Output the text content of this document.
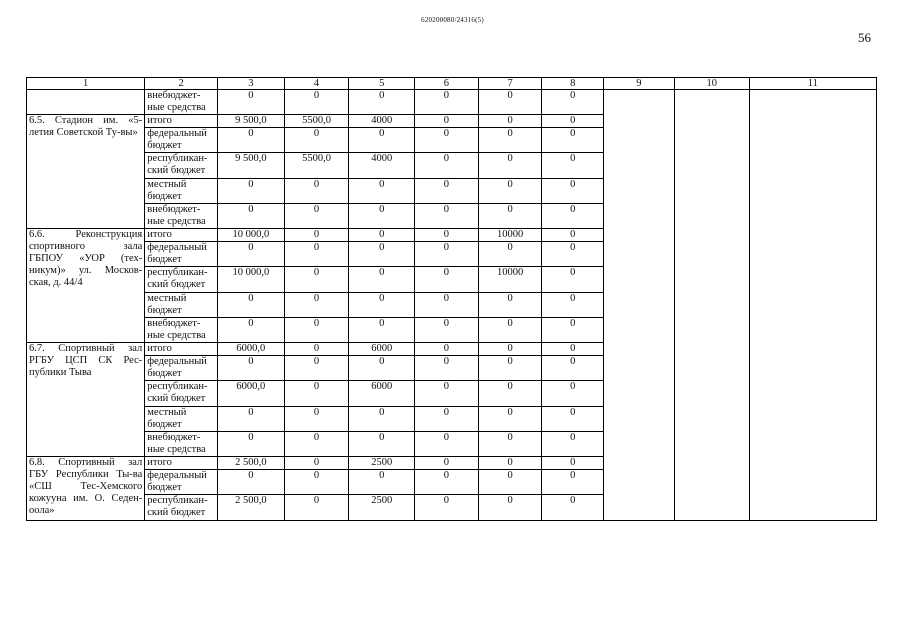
620200080/24316(5)
56
1	2	3	4	5	6	7	8	9	10	11
	внебюджет-ные средства	0	0	0	0	0	0			
6.5. Стадион им. «5-летия Советской Ту-вы»	итого	9 500,0	5500,0	4000	0	0	0			
	федеральный бюджет	0	0	0	0	0	0			
	республикан-ский бюджет	9 500,0	5500,0	4000	0	0	0			
	местный бюджет	0	0	0	0	0	0			
	внебюджет-ные средства	0	0	0	0	0	0			
6.6. Реконструкция спортивного зала ГБПОУ «УОР (тех-никум)» ул. Москов-ская, д. 44/4	итого	10 000,0	0	0	0	10000	0			
	федеральный бюджет	0	0	0	0	0	0			
	республикан-ский бюджет	10 000,0	0	0	0	10000	0			
	местный бюджет	0	0	0	0	0	0			
	внебюджет-ные средства	0	0	0	0	0	0			
6.7. Спортивный зал РГБУ ЦСП СК Рес-публики Тыва	итого	6000,0	0	6000	0	0	0			
	федеральный бюджет	0	0	0	0	0	0			
	республикан-ский бюджет	6000,0	0	6000	0	0	0			
	местный бюджет	0	0	0	0	0	0			
	внебюджет-ные средства	0	0	0	0	0	0			
6.8. Спортивный зал ГБУ Республики Ты-ва «СШ Тес-Хемского кожууна им. О. Седен-оола»	итого	2 500,0	0	2500	0	0	0			
	федеральный бюджет	0	0	0	0	0	0			
	республикан-ский бюджет	2 500,0	0	2500	0	0	0			
